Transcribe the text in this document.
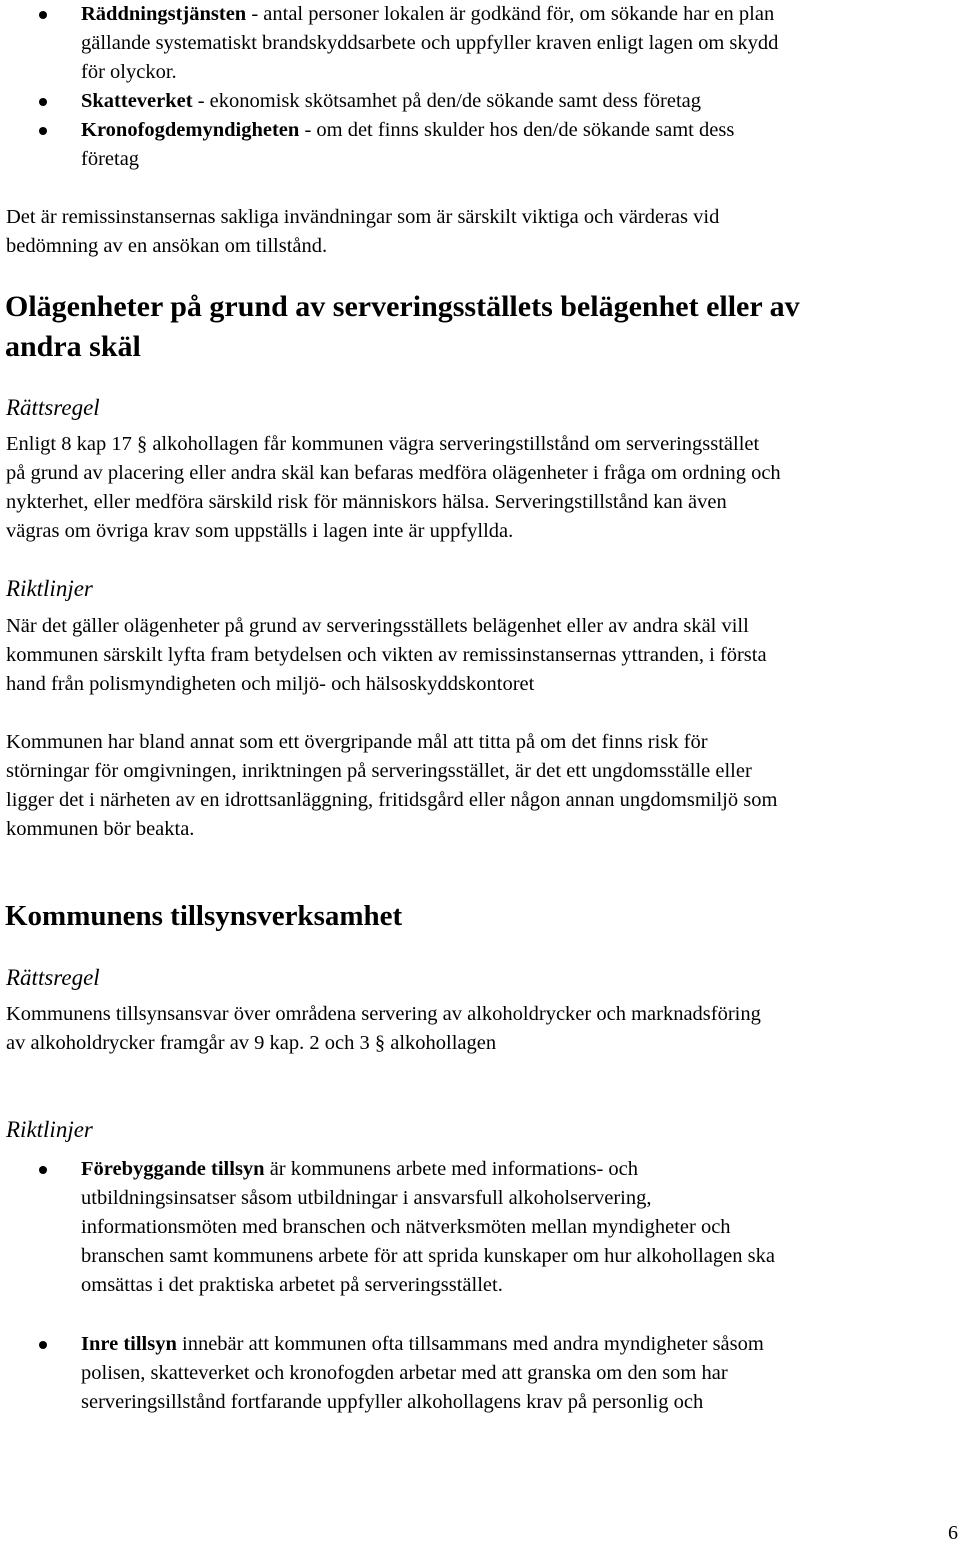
Räddningstjänsten - antal personer lokalen är godkänd för, om sökande har en plan
gällande systematiskt brandskyddsarbete och uppfyller kraven enligt lagen om skydd
för olyckor.
Skatteverket - ekonomisk skötsamhet på den/de sökande samt dess företag
Kronofogdemyndigheten - om det finns skulder hos den/de sökande samt dess
företag
Det är remissinstansernas sakliga invändningar som är särskilt viktiga och värderas vid
bedömning av en ansökan om tillstånd.
Olägenheter på grund av serveringsställets belägenhet eller av
andra skäl
Rättsregel
Enligt 8 kap 17 § alkohollagen får kommunen vägra serveringstillstånd om serveringsstället
på grund av placering eller andra skäl kan befaras medföra olägenheter i fråga om ordning och
nykterhet, eller medföra särskild risk för människors hälsa. Serveringstillstånd kan även
vägras om övriga krav som uppställs i lagen inte är uppfyllda.
Riktlinjer
När det gäller olägenheter på grund av serveringsställets belägenhet eller av andra skäl vill
kommunen särskilt lyfta fram betydelsen och vikten av remissinstansernas yttranden, i första
hand från polismyndigheten och miljö- och hälsoskyddskontoret
Kommunen har bland annat som ett övergripande mål att titta på om det finns risk för
störningar för omgivningen, inriktningen på serveringsstället, är det ett ungdomsställe eller
ligger det i närheten av en idrottsanläggning, fritidsgård eller någon annan ungdomsmiljö som
kommunen bör beakta.
Kommunens tillsynsverksamhet
Rättsregel
Kommunens tillsynsansvar över områdena servering av alkoholdrycker och marknadsföring
av alkoholdrycker framgår av 9 kap. 2 och 3 § alkohollagen
Riktlinjer
Förebyggande tillsyn är kommunens arbete med informations- och
utbildningsinsatser såsom utbildningar i ansvarsfull alkoholservering,
informationsmöten med branschen och nätverksmöten mellan myndigheter och
branschen samt kommunens arbete för att sprida kunskaper om hur alkohollagen ska
omsättas i det praktiska arbetet på serveringsstället.
Inre tillsyn innebär att kommunen ofta tillsammans med andra myndigheter såsom
polisen, skatteverket och kronofogden arbetar med att granska om den som har
serveringsillstånd fortfarande uppfyller alkohollagens krav på personlig och
6
